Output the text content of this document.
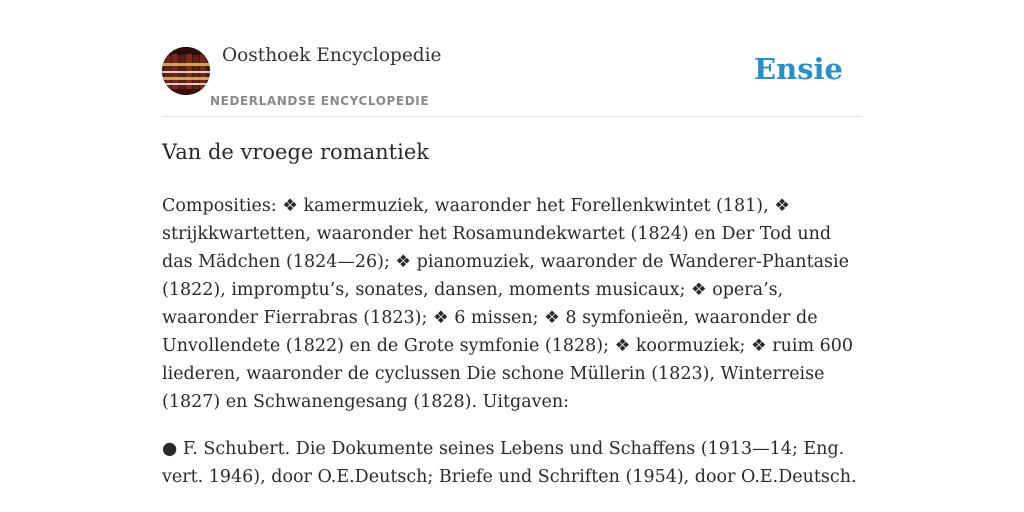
Oosthoek Encyclopedie
NEDERLANDSE ENCYCLOPEDIE
Ensie
Van de vroege romantiek

Composities: ❖ kamermuziek, waaronder het Forellenkwintet (181), ❖ strijkkwartetten, waaronder het Rosamundekwartet (1824) en Der Tod und das Mädchen (1824—26); ❖ pianomuziek, waaronder de Wanderer-Phantasie (1822), impromptu’s, sonates, dansen, moments musicaux; ❖ opera’s, waaronder Fierrabras (1823); ❖ 6 missen; ❖ 8 symfonieën, waaronder de Unvollendete (1822) en de Grote symfonie (1828); ❖ koormuziek; ❖ ruim 600 liederen, waaronder de cyclussen Die schone Müllerin (1823), Winterreise (1827) en Schwanengesang (1828). Uitgaven:

● F. Schubert. Die Dokumente seines Lebens und Schaffens (1913—14; Eng. vert. 1946), door O.E.Deutsch; Briefe und Schriften (1954), door O.E.Deutsch.
